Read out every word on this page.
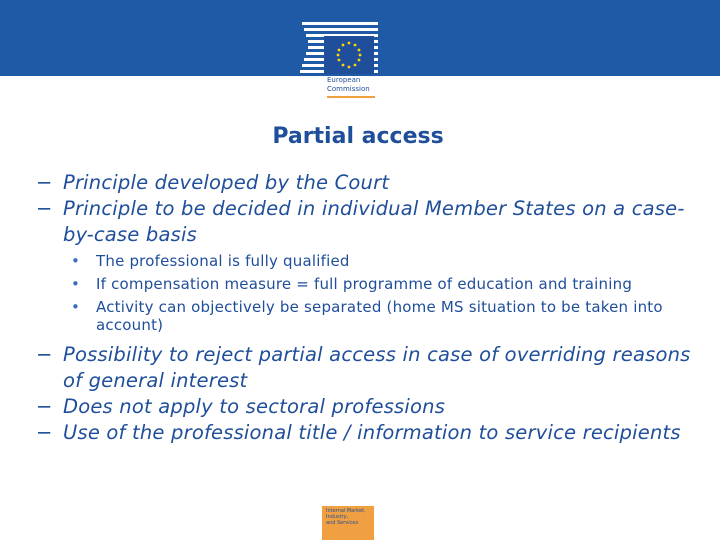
European
Commission
Partial access
− Principle developed by the Court
− Principle to be decided in individual Member States on a case-by-case basis
• The professional is fully qualified
• If compensation measure = full programme of education and training
• Activity can objectively be separated (home MS situation to be taken into account)
− Possibility to reject partial access in case of overriding reasons of general interest
− Does not apply to sectoral professions
− Use of the professional title / information to service recipients
Internal Market,
Industry,
and Services
